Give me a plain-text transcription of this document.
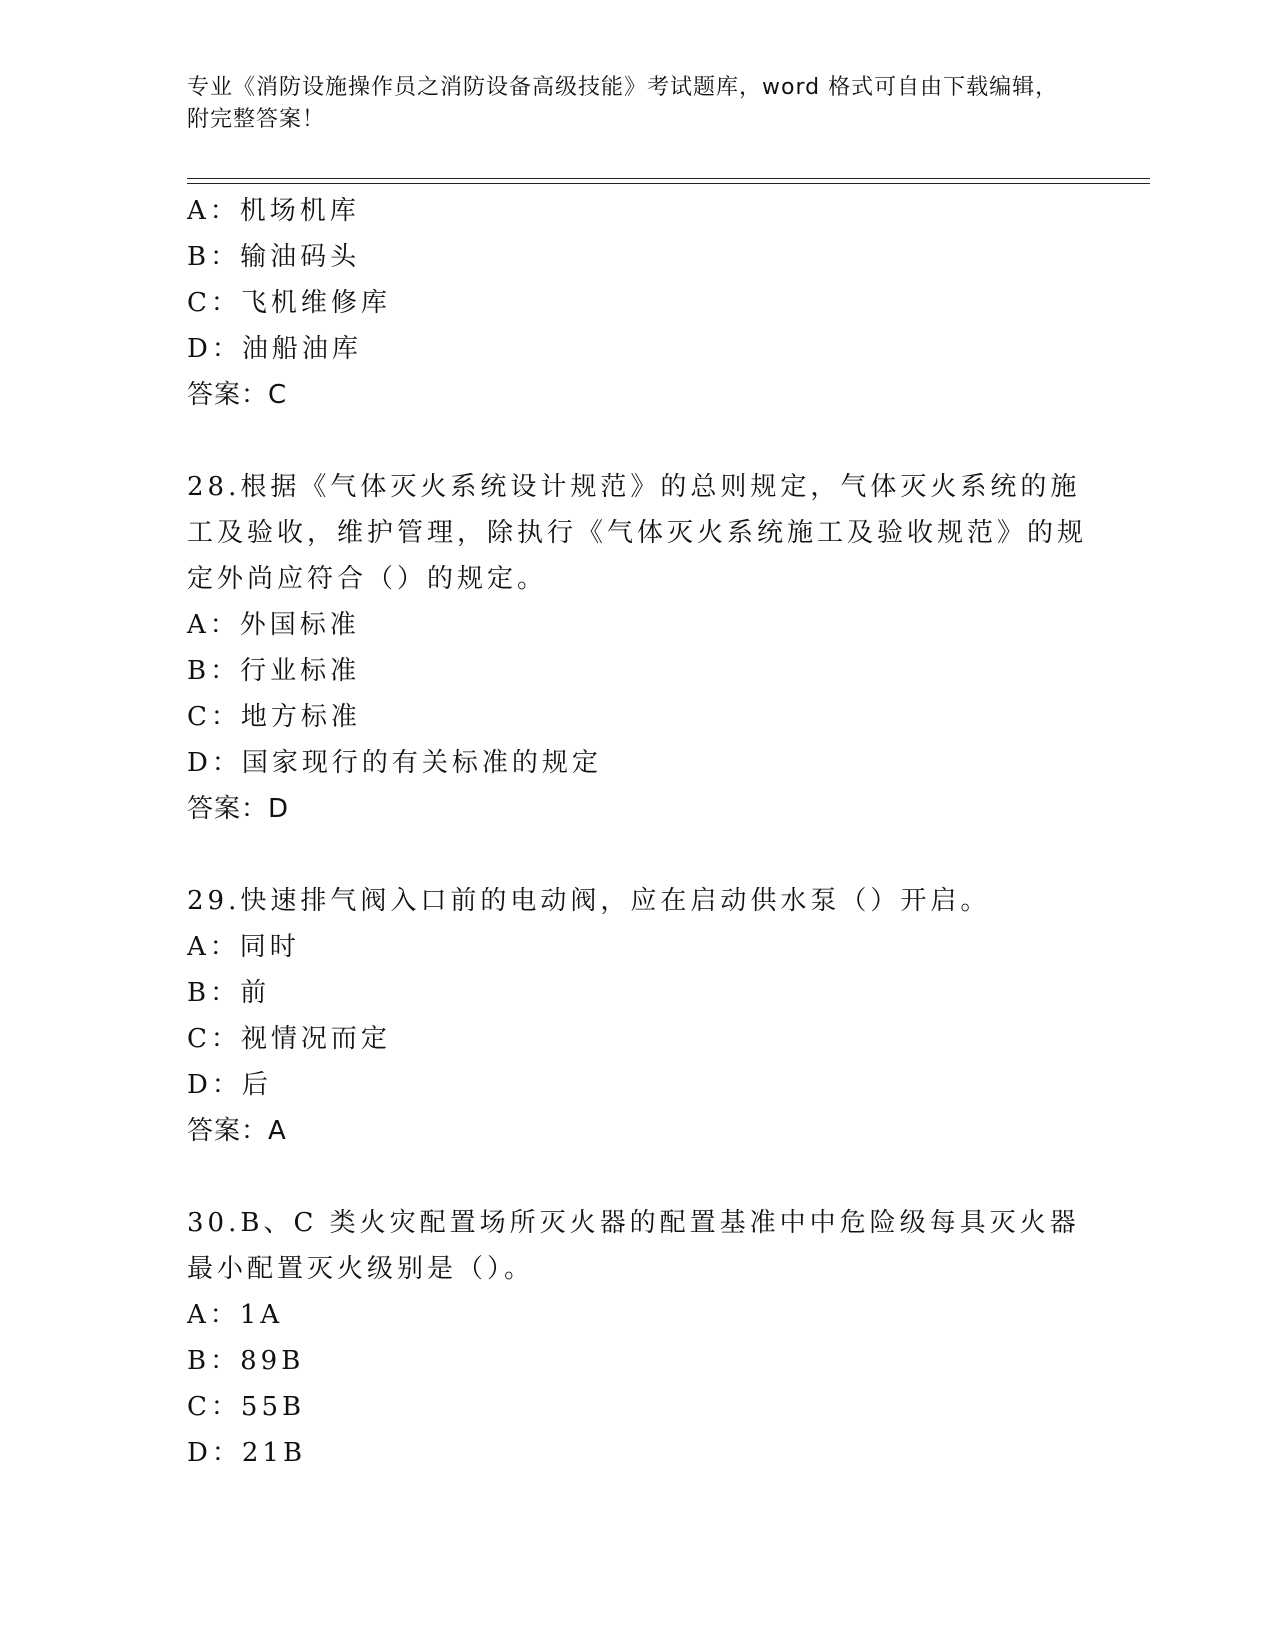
专业《消防设施操作员之消防设备高级技能》考试题库，word 格式可自由下载编辑，附完整答案！
A：机场机库
B：输油码头
C：飞机维修库
D：油船油库
答案：C
28.根据《气体灭火系统设计规范》的总则规定，气体灭火系统的施工及验收，维护管理，除执行《气体灭火系统施工及验收规范》的规定外尚应符合（）的规定。
A：外国标准
B：行业标准
C：地方标准
D：国家现行的有关标准的规定
答案：D
29.快速排气阀入口前的电动阀，应在启动供水泵（）开启。
A：同时
B：前
C：视情况而定
D：后
答案：A
30.B、C 类火灾配置场所灭火器的配置基准中中危险级每具灭火器最小配置灭火级别是（）。
A：1A
B：89B
C：55B
D：21B
